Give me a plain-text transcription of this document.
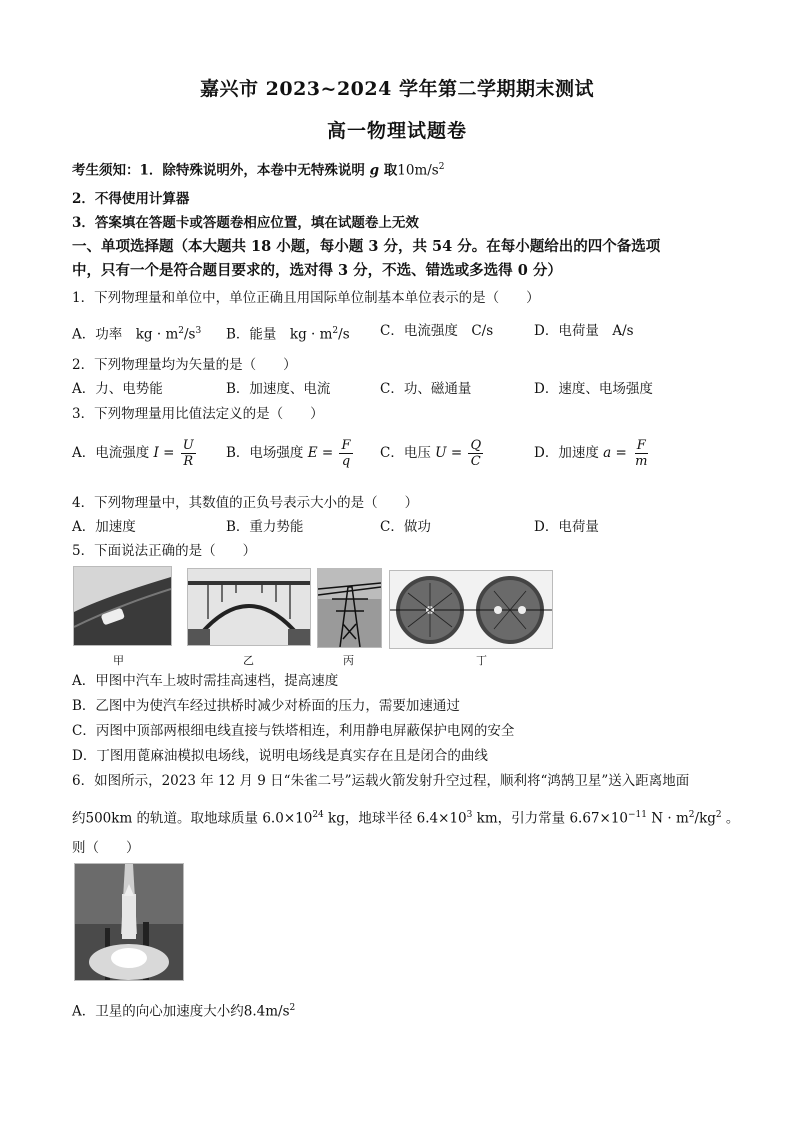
嘉兴市 2023~2024 学年第二学期期末测试
高一物理试题卷
考生须知：1．除特殊说明外，本卷中无特殊说明 g 取$10m/s^2$
2．不得使用计算器
3．答案填在答题卡或答题卷相应位置，填在试题卷上无效
一、单项选择题（本大题共 18 小题，每小题 3 分，共 54 分。在每小题给出的四个备选项
中，只有一个是符合题目要求的，选对得 3 分，不选、错选或多选得 0 分）
1．下列物理量和单位中，单位正确且用国际单位制基本单位表示的是（　　）
A．功率　kg · $m^2/s^3$ B．能量　kg · $m^2/s$ C．电流强度　C/s	D．电荷量　A/s
2．下列物理量均为矢量的是（　　）
A．力、电势能	B．加速度、电流	C．功、磁通量	D．速度、电场强度
3．下列物理量用比值法定义的是（　　）
A．电流强度 $I = \frac{U}{R}$ B．电场强度 $E = \frac{F}{q}$ C．电压 $U = \frac{Q}{C}$	D．加速度 $a = \frac{F}{m}$
4．下列物理量中，其数值的正负号表示大小的是（　　）
A．加速度	B．重力势能	C．做功	D．电荷量
5．下面说法正确的是（　　）
甲	乙	丙	丁
A．甲图中汽车上坡时需挂高速档，提高速度
B．乙图中为使汽车经过拱桥时减少对桥面的压力，需要加速通过
C．丙图中顶部两根细电线直接与铁塔相连，利用静电屏蔽保护电网的安全
D．丁图用蓖麻油模拟电场线，说明电场线是真实存在且是闭合的曲线
6．如图所示，2023 年 12 月 9 日“朱雀二号”运载火箭发射升空过程，顺利将“鸿鹄卫星”送入距离地面
约500km 的轨道。取地球质量 $6.0\times 10^{24}$ kg，地球半径 $6.4\times 10^3$ km，引力常量 $6.67\times 10^{-11}$ $N \cdot m^2/kg^2$ 。
则（　　）
A．卫星的向心加速度大小约$8.4m/s^2$
